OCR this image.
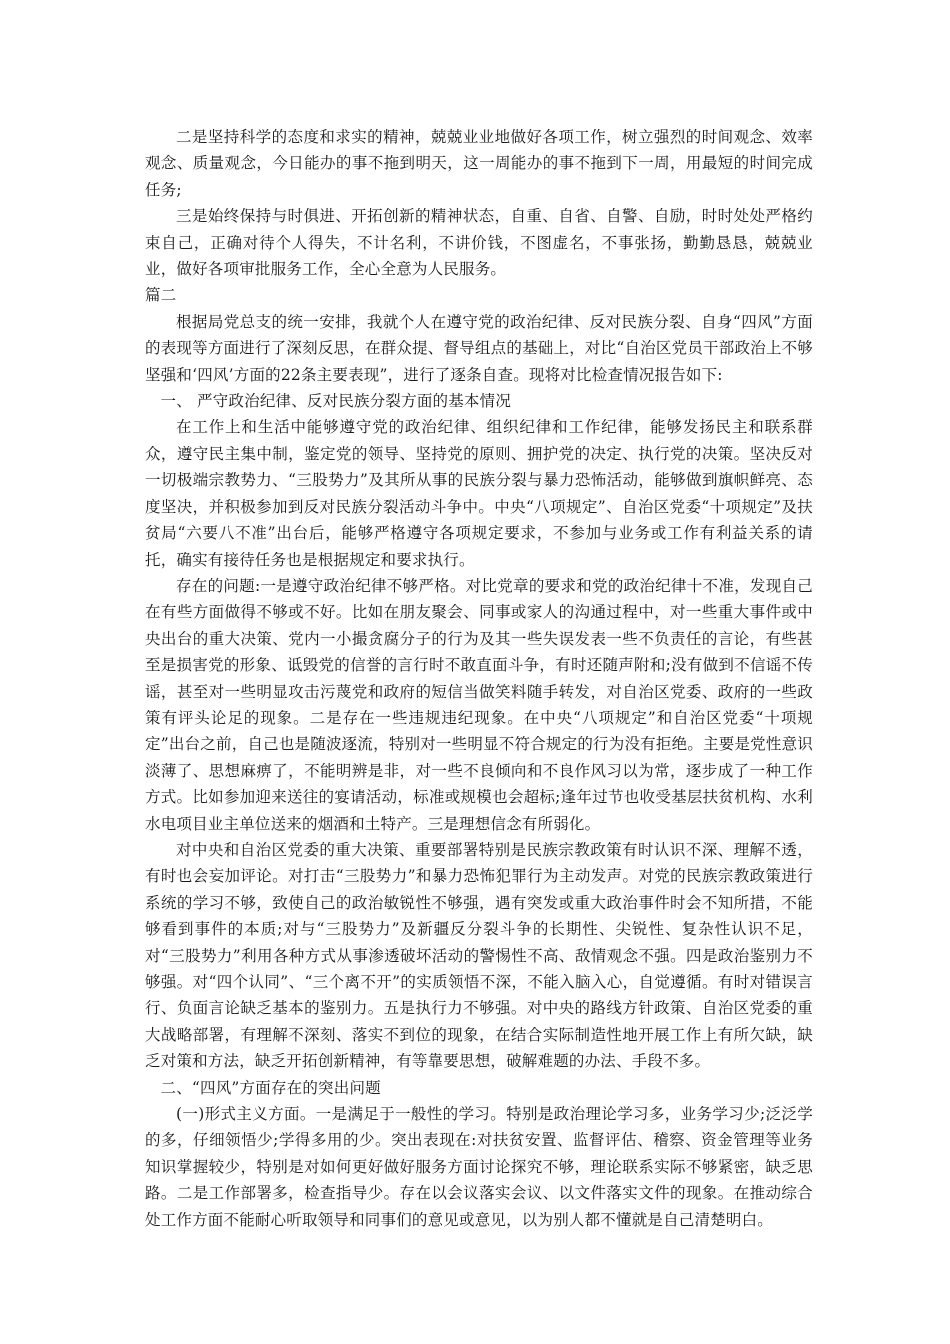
二是坚持科学的态度和求实的精神，兢兢业业地做好各项工作，树立强烈的时间观念、效率观念、质量观念，今日能办的事不拖到明天，这一周能办的事不拖到下一周，用最短的时间完成任务;

三是始终保持与时俱进、开拓创新的精神状态，自重、自省、自警、自励，时时处处严格约束自己，正确对待个人得失，不计名利，不讲价钱，不图虚名，不事张扬，勤勤恳恳，兢兢业业，做好各项审批服务工作，全心全意为人民服务。

篇二

根据局党总支的统一安排，我就个人在遵守党的政治纪律、反对民族分裂、自身“四风”方面的表现等方面进行了深刻反思，在群众提、督导组点的基础上，对比“自治区党员干部政治上不够坚强和‘四风’方面的22条主要表现”，进行了逐条自查。现将对比检查情况报告如下:

一、 严守政治纪律、反对民族分裂方面的基本情况

在工作上和生活中能够遵守党的政治纪律、组织纪律和工作纪律，能够发扬民主和联系群众，遵守民主集中制，鉴定党的领导、坚持党的原则、拥护党的决定、执行党的决策。坚决反对一切极端宗教势力、“三股势力”及其所从事的民族分裂与暴力恐怖活动，能够做到旗帜鲜亮、态度坚决，并积极参加到反对民族分裂活动斗争中。中央“八项规定”、自治区党委“十项规定”及扶贫局“六要八不准”出台后，能够严格遵守各项规定要求，不参加与业务或工作有利益关系的请托，确实有接待任务也是根据规定和要求执行。

存在的问题:一是遵守政治纪律不够严格。对比党章的要求和党的政治纪律十不准，发现自己在有些方面做得不够或不好。比如在朋友聚会、同事或家人的沟通过程中，对一些重大事件或中央出台的重大决策、党内一小撮贪腐分子的行为及其一些失误发表一些不负责任的言论，有些甚至是损害党的形象、诋毁党的信誉的言行时不敢直面斗争，有时还随声附和;没有做到不信谣不传谣，甚至对一些明显攻击污蔑党和政府的短信当做笑料随手转发，对自治区党委、政府的一些政策有评头论足的现象。二是存在一些违规违纪现象。在中央“八项规定”和自治区党委“十项规定”出台之前，自己也是随波逐流，特别对一些明显不符合规定的行为没有拒绝。主要是党性意识淡薄了、思想麻痹了，不能明辨是非，对一些不良倾向和不良作风习以为常，逐步成了一种工作方式。比如参加迎来送往的宴请活动，标准或规模也会超标;逢年过节也收受基层扶贫机构、水利水电项目业主单位送来的烟酒和土特产。三是理想信念有所弱化。

对中央和自治区党委的重大决策、重要部署特别是民族宗教政策有时认识不深、理解不透，有时也会妄加评论。对打击“三股势力”和暴力恐怖犯罪行为主动发声。对党的民族宗教政策进行系统的学习不够，致使自己的政治敏锐性不够强，遇有突发或重大政治事件时会不知所措，不能够看到事件的本质;对与“三股势力”及新疆反分裂斗争的长期性、尖锐性、复杂性认识不足，对“三股势力”利用各种方式从事渗透破坏活动的警惕性不高、敌情观念不强。四是政治鉴别力不够强。对“四个认同”、“三个离不开”的实质领悟不深，不能入脑入心，自觉遵循。有时对错误言行、负面言论缺乏基本的鉴别力。五是执行力不够强。对中央的路线方针政策、自治区党委的重大战略部署，有理解不深刻、落实不到位的现象，在结合实际制造性地开展工作上有所欠缺，缺乏对策和方法，缺乏开拓创新精神，有等靠要思想，破解难题的办法、手段不多。

二、“四风”方面存在的突出问题

(一)形式主义方面。一是满足于一般性的学习。特别是政治理论学习多，业务学习少;泛泛学的多，仔细领悟少;学得多用的少。突出表现在:对扶贫安置、监督评估、稽察、资金管理等业务知识掌握较少，特别是对如何更好做好服务方面讨论探究不够，理论联系实际不够紧密，缺乏思路。二是工作部署多，检查指导少。存在以会议落实会议、以文件落实文件的现象。在推动综合处工作方面不能耐心听取领导和同事们的意见或意见，以为别人都不懂就是自己清楚明白。
